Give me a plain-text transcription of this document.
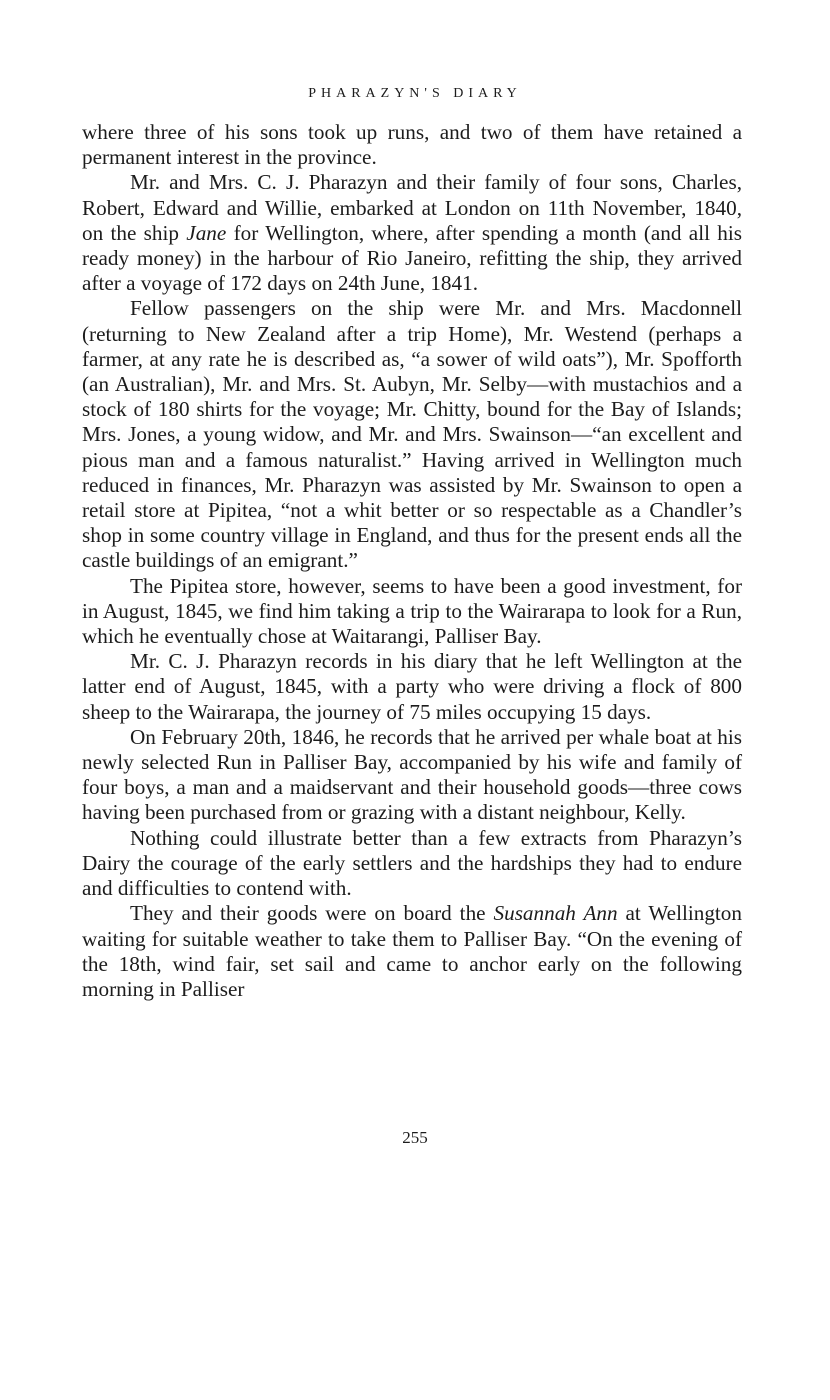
PHARAZYN'S DIARY

where three of his sons took up runs, and two of them have retained a permanent interest in the province.

Mr. and Mrs. C. J. Pharazyn and their family of four sons, Charles, Robert, Edward and Willie, embarked at London on 11th November, 1840, on the ship Jane for Wellington, where, after spending a month (and all his ready money) in the harbour of Rio Janeiro, refitting the ship, they arrived after a voyage of 172 days on 24th June, 1841.

Fellow passengers on the ship were Mr. and Mrs. Macdonnell (returning to New Zealand after a trip Home), Mr. Westend (perhaps a farmer, at any rate he is described as, “a sower of wild oats”), Mr. Spofforth (an Australian), Mr. and Mrs. St. Aubyn, Mr. Selby—with mustachios and a stock of 180 shirts for the voyage; Mr. Chitty, bound for the Bay of Islands; Mrs. Jones, a young widow, and Mr. and Mrs. Swainson—“an excellent and pious man and a famous naturalist.” Having arrived in Wellington much reduced in finances, Mr. Pharazyn was assisted by Mr. Swainson to open a retail store at Pipitea, “not a whit better or so respectable as a Chandler’s shop in some country village in England, and thus for the present ends all the castle buildings of an emigrant.”

The Pipitea store, however, seems to have been a good investment, for in August, 1845, we find him taking a trip to the Wairarapa to look for a Run, which he eventually chose at Waitarangi, Palliser Bay.

Mr. C. J. Pharazyn records in his diary that he left Wellington at the latter end of August, 1845, with a party who were driving a flock of 800 sheep to the Wairarapa, the journey of 75 miles occupying 15 days.

On February 20th, 1846, he records that he arrived per whale boat at his newly selected Run in Palliser Bay, accompanied by his wife and family of four boys, a man and a maidservant and their household goods—three cows having been purchased from or grazing with a distant neighbour, Kelly.

Nothing could illustrate better than a few extracts from Pharazyn’s Dairy the courage of the early settlers and the hardships they had to endure and difficulties to contend with.

They and their goods were on board the Susannah Ann at Wellington waiting for suitable weather to take them to Palliser Bay. “On the evening of the 18th, wind fair, set sail and came to anchor early on the following morning in Palliser

255
